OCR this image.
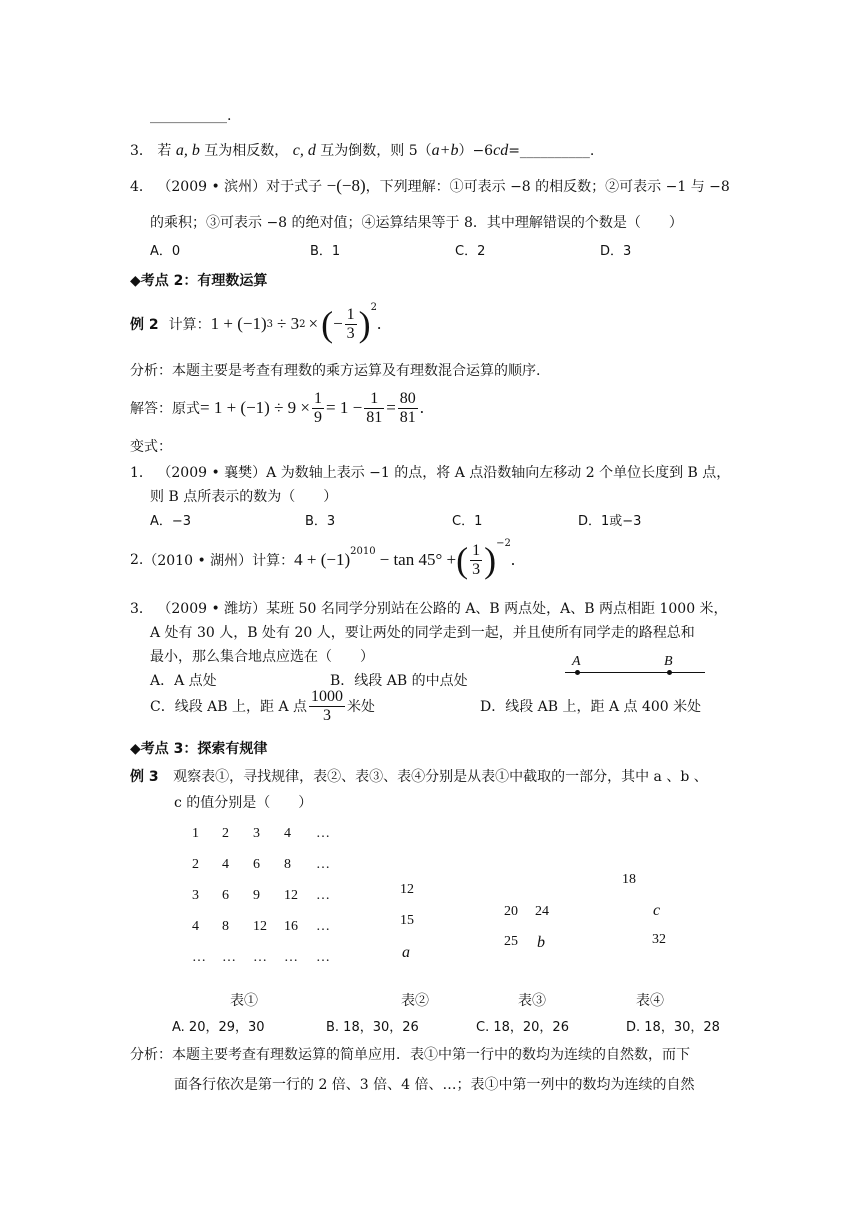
___________.
3． 若 a, b 互为相反数， c, d 互为倒数，则 5（a+b）−6cd=__________.
4． （2009 • 滨州）对于式子 −(−8)，下列理解：①可表示 −8 的相反数；②可表示 −1 与 −8
的乘积；③可表示 −8 的绝对值；④运算结果等于 8．其中理解错误的个数是（　　）
A．0	B．1	C．2	D．3
◆考点 2：有理数运算
例 2 计算： 1 + (−1) 3 ÷ 3 2 × ( − $\frac{1}{3} )^2$
.
分析：本题主要是考查有理数的乘方运算及有理数混合运算的顺序.
解答：原式 = $1 + (-1) \div 9 \times \frac{1}{9} = 1 - \frac{1}{81} = \frac{80}{81}$ .
变式：
1． （2009 • 襄樊）A 为数轴上表示 −1 的点，将 A 点沿数轴向左移动 2 个单位长度到 B 点，
则 B 点所表示的数为（　　）
A．−3	B．3	C．1	D．1或−3
2. （2010 • 湖州）计算： $4 + (-1)^{2010} - \tan 45^\circ$ + ( $\frac{1}{3} )^{-2}$
.
3． （2009 • 潍坊）某班 50 名同学分别站在公路的 A、B 两点处，A、B 两点相距 1000 米，
A 处有 30 人，B 处有 20 人，要让两处的同学走到一起，并且使所有同学走的路程总和
最小，那么集合地点应选在（　　）
A．A 点处	B．线段 AB 的中点处
A	B
C．线段 AB 上，距 A 点 $\frac{1000}{3}$ 米处	D．线段 AB 上，距 A 点 400 米处
◆考点 3：探索有规律
例 3 观察表①，寻找规律，表②、表③、表④分别是从表①中截取的一部分，其中 a 、b 、
c 的值分别是（　　）
1 2 3 4 …
2 4 6 8 …
3 6 9 12 …
4 8 12 16 …
… … … … …
12
15
a
20 24
25 b
18
c
32
表①	表②	表③	表④
A. 20，29，30	B. 18，30，26	C. 18，20，26	D. 18，30，28
分析：本题主要考查有理数运算的简单应用．表①中第一行中的数均为连续的自然数，而下
面各行依次是第一行的 2 倍、3 倍、4 倍、…；表①中第一列中的数均为连续的自然
